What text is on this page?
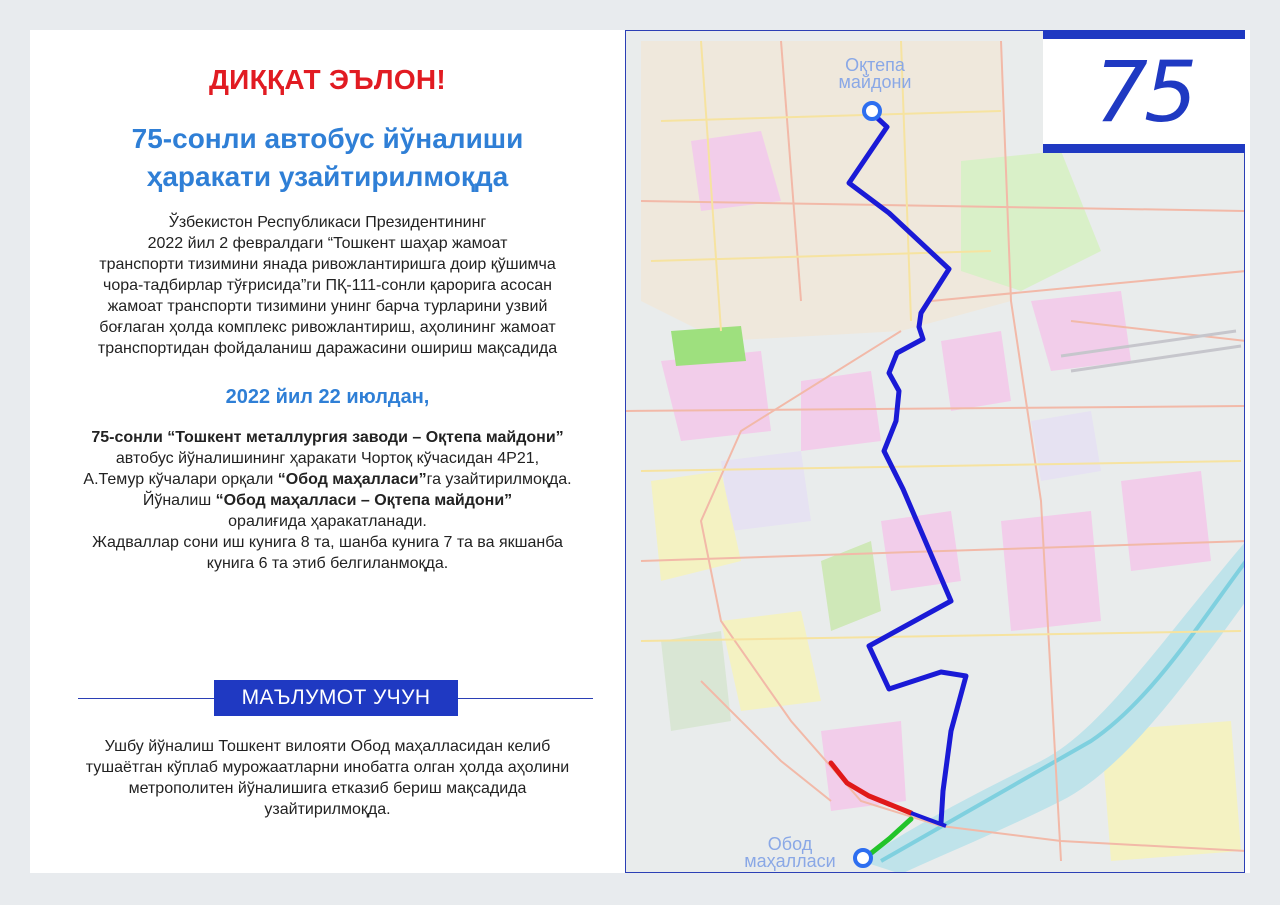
ДИҚҚАТ ЭЪЛОН!
75-сонли автобус йўналиши
ҳаракати узайтирилмоқда
Ўзбекистон Республикаси Президентининг
2022 йил 2 февралдаги “Тошкент шаҳар жамоат
транспорти тизимини янада ривожлантиришга доир қўшимча
чора-тадбирлар тўғрисида”ги ПҚ-111-сонли қарорига асосан
жамоат транспорти тизимини унинг барча турларини узвий
боғлаган ҳолда комплекс ривожлантириш, аҳолининг жамоат
транспортидан фойдаланиш даражасини ошириш мақсадида
2022 йил 22 июлдан,
75-сонли “Тошкент металлургия заводи – Оқтепа майдони”
автобус йўналишининг ҳаракати Чортоқ кўчасидан 4Р21,
А.Темур кўчалари орқали “Обод маҳалласи”га узайтирилмоқда.
Йўналиш “Обод маҳалласи – Оқтепа майдони”
оралиғида ҳаракатланади.
Жадваллар сони иш кунига 8 та, шанба кунига 7 та ва якшанба
кунига 6 та этиб белгиланмоқда.
МАЪЛУМОТ УЧУН
Ушбу йўналиш Тошкент вилояти Обод маҳалласидан келиб
тушаётган кўплаб мурожаатларни инобатга олган ҳолда аҳолини
метрополитен йўналишига етказиб бериш мақсадида
узайтирилмоқда.
Оқтепа
майдони
Обод
маҳалласи
75
